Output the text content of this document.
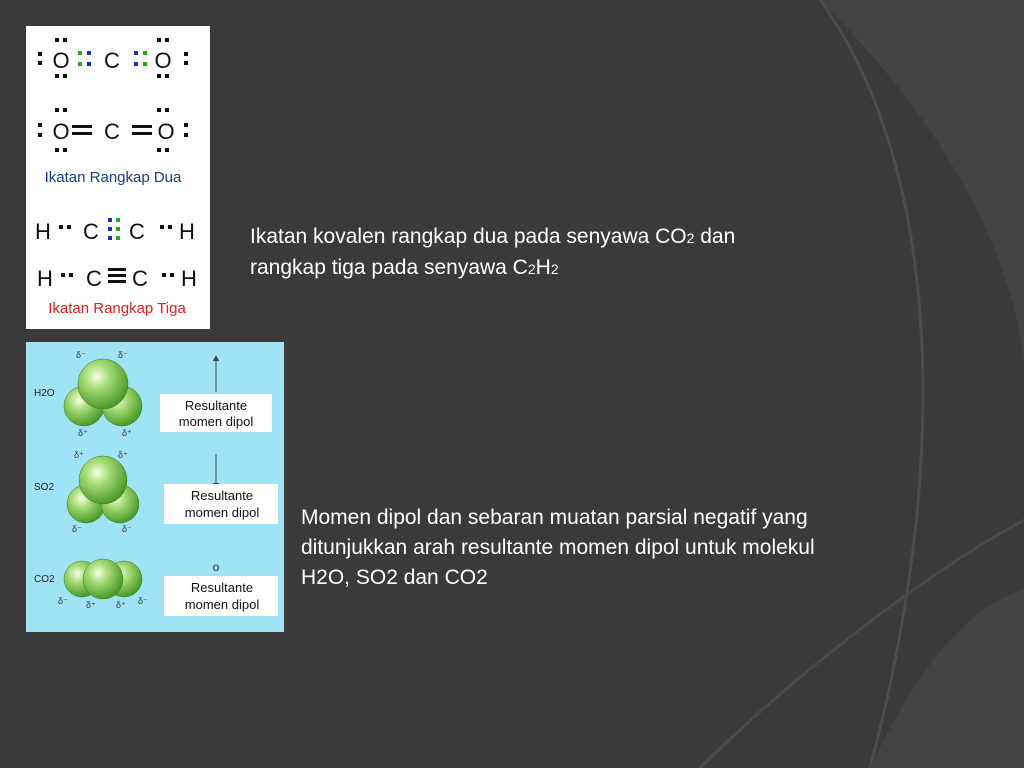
O C O
O C O
Ikatan Rangkap Dua
H C C H
H C C H
Ikatan Rangkap Tiga
H2O
δ⁻	δ⁻
δ⁺	δ⁺
Resultante
momen dipol
SO2
δ⁺	δ⁺
δ⁻	δ⁻
Resultante
momen dipol
CO2
δ⁻ δ⁺ δ⁺ δ⁻
o
Resultante
momen dipol
Ikatan kovalen rangkap dua pada senyawa CO2 dan
rangkap tiga pada senyawa C2H2
Momen dipol dan sebaran muatan parsial negatif yang
ditunjukkan arah resultante momen dipol untuk molekul
H2O, SO2 dan CO2
